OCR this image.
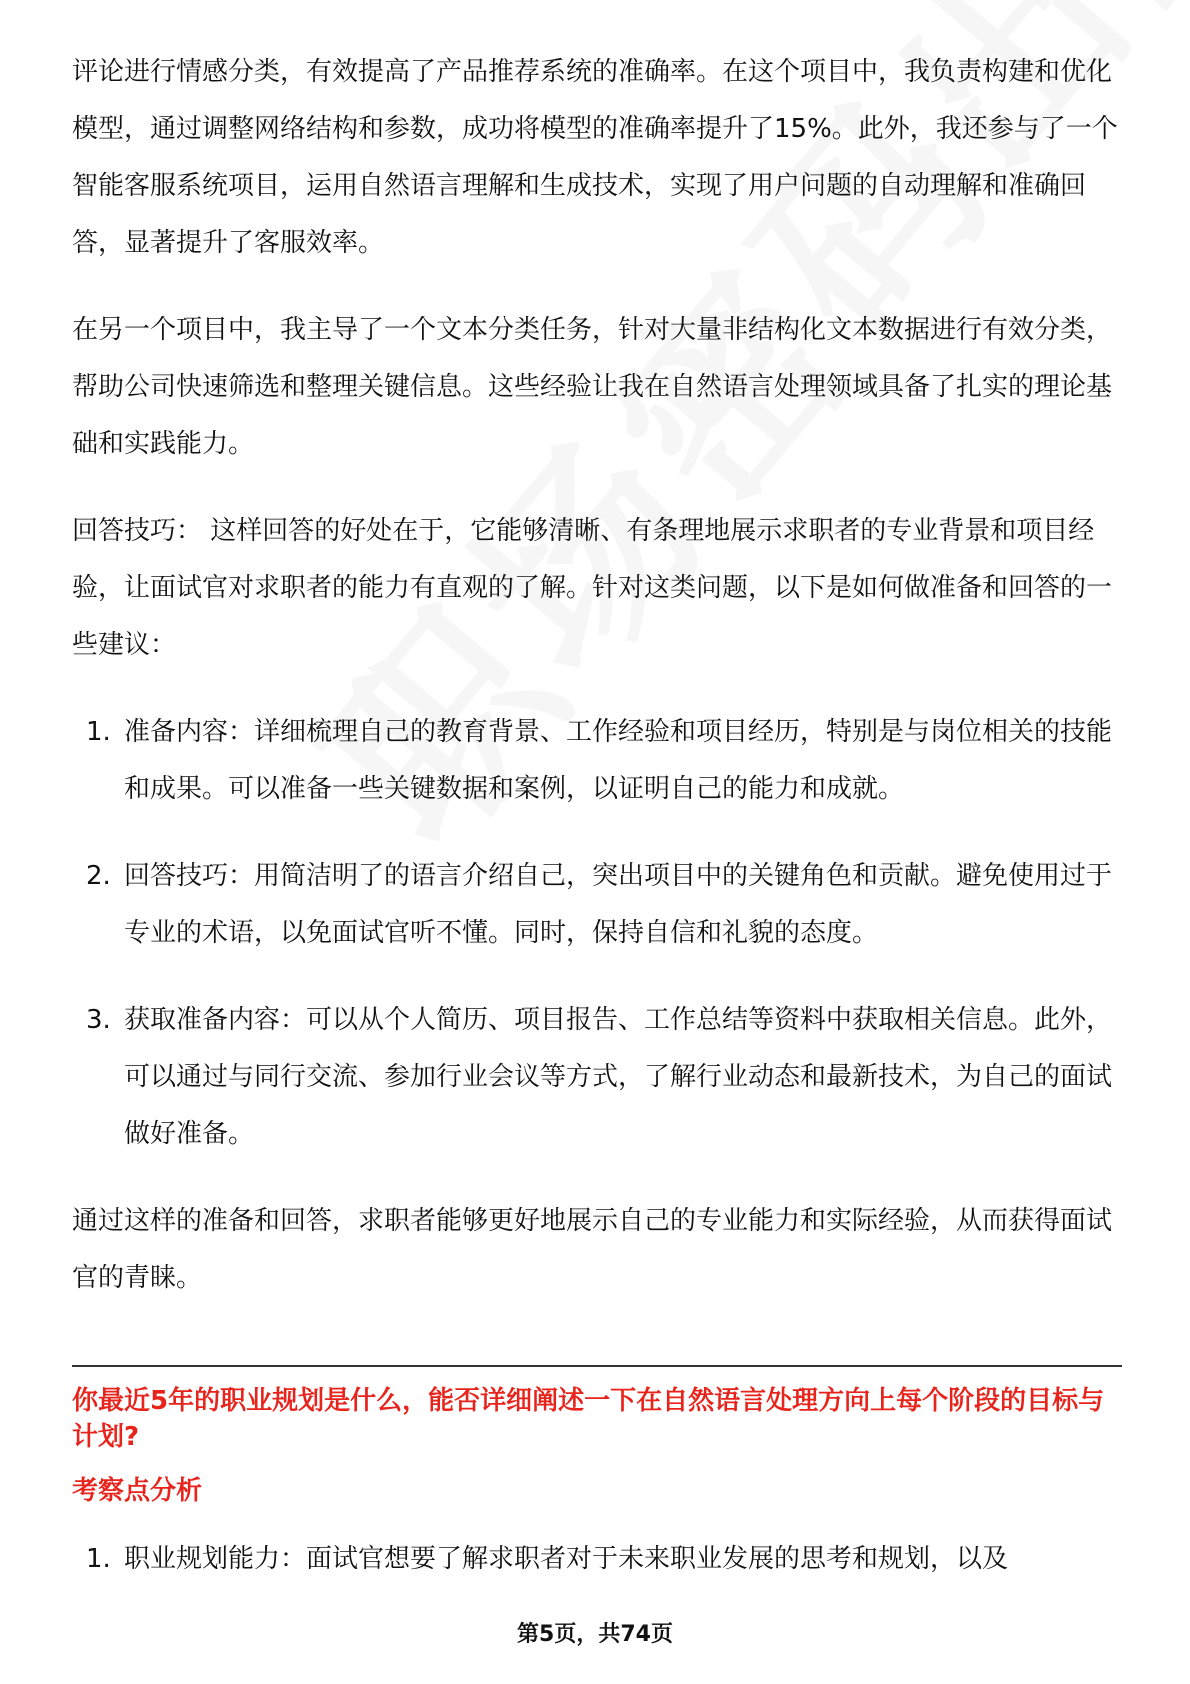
评论进行情感分类，有效提高了产品推荐系统的准确率。在这个项目中，我负责构建和优化模型，通过调整网络结构和参数，成功将模型的准确率提升了15%。此外，我还参与了一个智能客服系统项目，运用自然语言理解和生成技术，实现了用户问题的自动理解和准确回答，显著提升了客服效率。

在另一个项目中，我主导了一个文本分类任务，针对大量非结构化文本数据进行有效分类，帮助公司快速筛选和整理关键信息。这些经验让我在自然语言处理领域具备了扎实的理论基础和实践能力。

回答技巧： 这样回答的好处在于，它能够清晰、有条理地展示求职者的专业背景和项目经验，让面试官对求职者的能力有直观的了解。针对这类问题，以下是如何做准备和回答的一些建议：

1. 准备内容：详细梳理自己的教育背景、工作经验和项目经历，特别是与岗位相关的技能和成果。可以准备一些关键数据和案例，以证明自己的能力和成就。
2. 回答技巧：用简洁明了的语言介绍自己，突出项目中的关键角色和贡献。避免使用过于专业的术语，以免面试官听不懂。同时，保持自信和礼貌的态度。
3. 获取准备内容：可以从个人简历、项目报告、工作总结等资料中获取相关信息。此外，可以通过与同行交流、参加行业会议等方式，了解行业动态和最新技术，为自己的面试做好准备。

通过这样的准备和回答，求职者能够更好地展示自己的专业能力和实际经验，从而获得面试官的青睐。

你最近5年的职业规划是什么，能否详细阐述一下在自然语言处理方向上每个阶段的目标与计划?
考察点分析
1. 职业规划能力：面试官想要了解求职者对于未来职业发展的思考和规划，以及
第5页，共74页
